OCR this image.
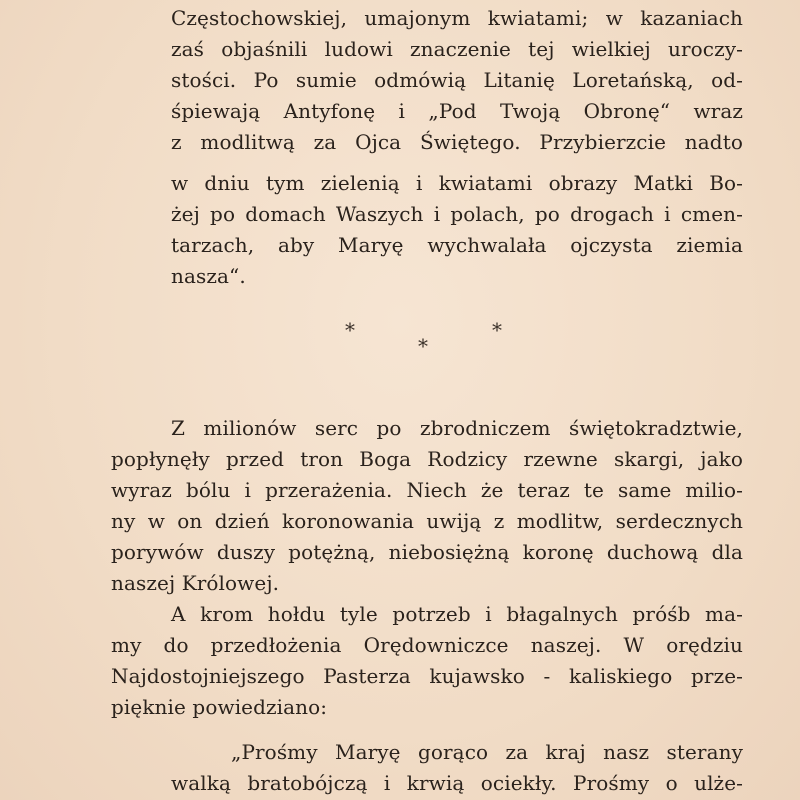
Częstochowskiej, umajonym kwiatami; w kazaniach

zaś objaśnili ludowi znaczenie tej wielkiej uroczy-

stości. Po sumie odmówią Litanię Loretańską, od-

śpiewają Antyfonę i „Pod Twoją Obronę“ wraz

z modlitwą za Ojca Świętego. Przybierzcie nadto

w dniu tym zielenią i kwiatami obrazy Matki Bo-

żej po domach Waszych i polach, po drogach i cmen-

tarzach, aby Maryę wychwalała ojczysta ziemia

nasza“.

*	*
*

Z milionów serc po zbrodniczem świętokradztwie,

popłynęły przed tron Boga Rodzicy rzewne skargi, jako

wyraz bólu i przerażenia. Niech że teraz te same milio-

ny w on dzień koronowania uwiją z modlitw, serdecznych

porywów duszy potężną, niebosiężną koronę duchową dla

naszej Królowej.

A krom hołdu tyle potrzeb i błagalnych próśb ma-

my do przedłożenia Orędowniczce naszej. W orędziu

Najdostojniejszego Pasterza kujawsko - kaliskiego prze-

pięknie powiedziano:

„Prośmy Maryę gorąco za kraj nasz sterany

walką bratobójczą i krwią ociekły. Prośmy o ulże-
